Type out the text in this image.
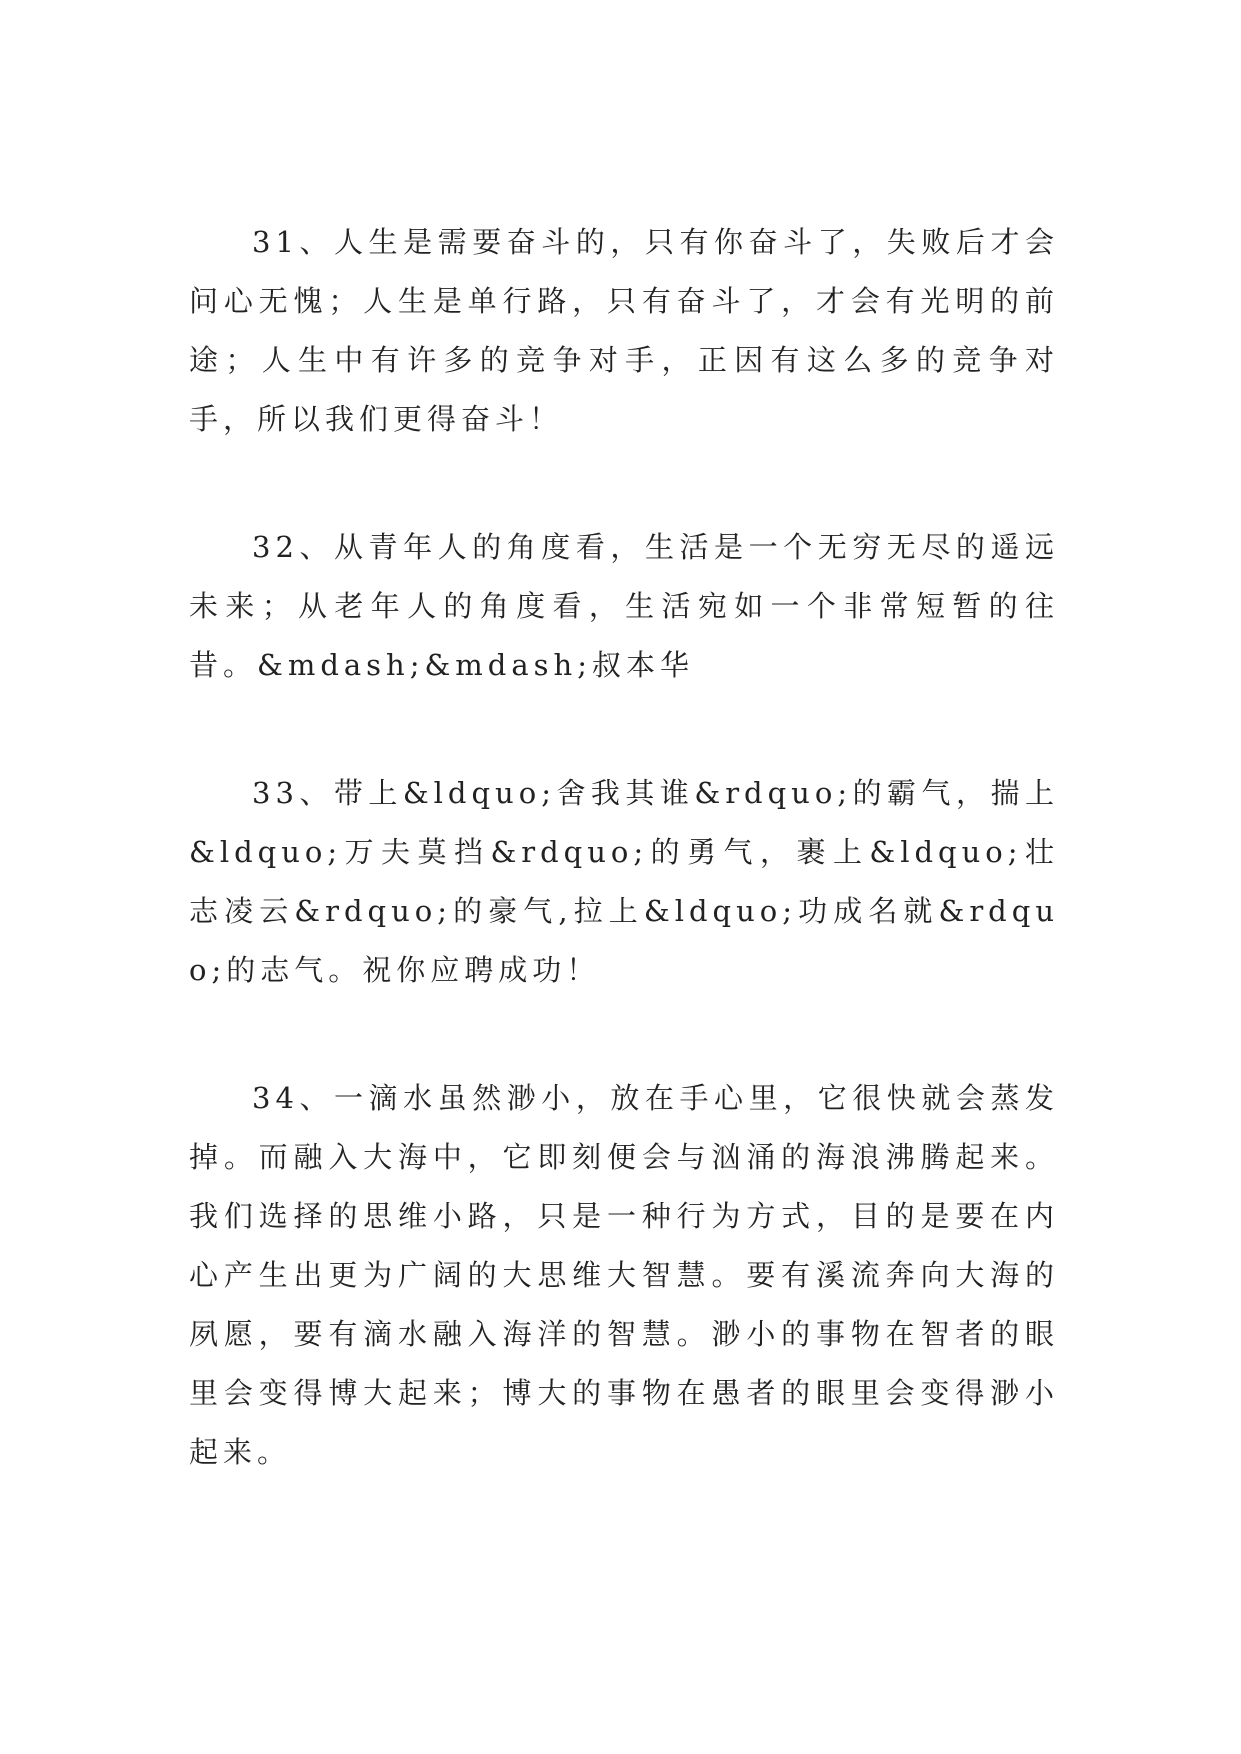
31、人生是需要奋斗的，只有你奋斗了，失败后才会问心无愧；人生是单行路，只有奋斗了，才会有光明的前途；人生中有许多的竞争对手，正因有这么多的竞争对手，所以我们更得奋斗！

32、从青年人的角度看，生活是一个无穷无尽的遥远未来；从老年人的角度看，生活宛如一个非常短暂的往昔。&mdash;&mdash;叔本华

33、带上&ldquo;舍我其谁&rdquo;的霸气，揣上&ldquo;万夫莫挡&rdquo;的勇气，裹上&ldquo;壮志凌云&rdquo;的豪气,拉上&ldquo;功成名就&rdquo;的志气。祝你应聘成功！

34、一滴水虽然渺小，放在手心里，它很快就会蒸发掉。而融入大海中，它即刻便会与汹涌的海浪沸腾起来。我们选择的思维小路，只是一种行为方式，目的是要在内心产生出更为广阔的大思维大智慧。要有溪流奔向大海的夙愿，要有滴水融入海洋的智慧。渺小的事物在智者的眼里会变得博大起来；博大的事物在愚者的眼里会变得渺小起来。
